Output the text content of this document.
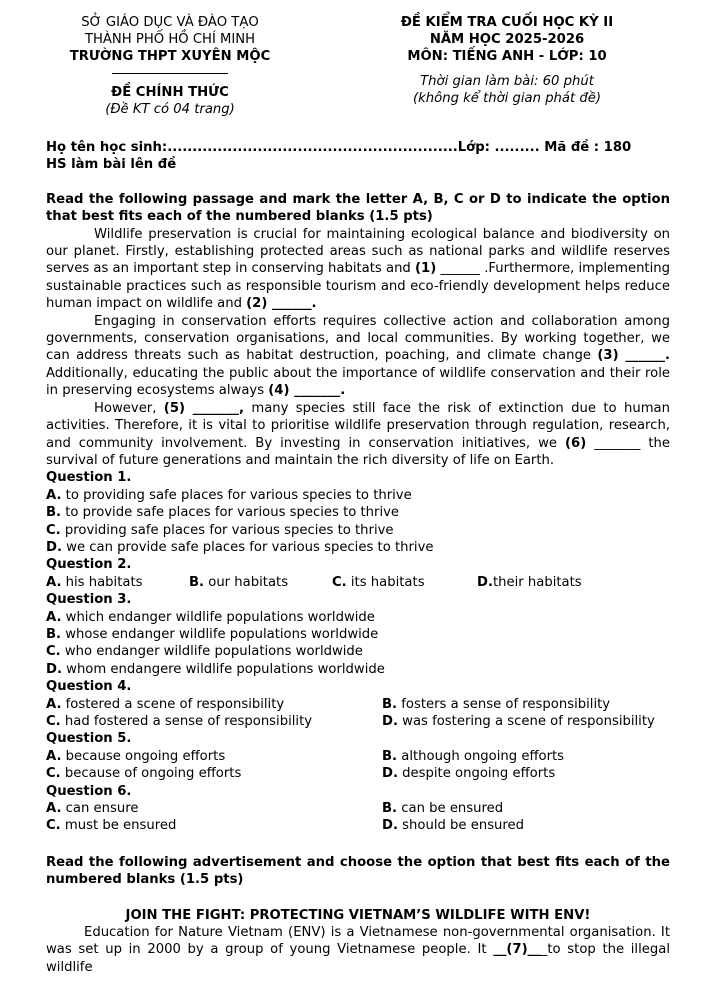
SỞ GIÁO DỤC VÀ ĐÀO TẠO
THÀNH PHỐ HỒ CHÍ MINH
TRƯỜNG THPT XUYÊN MỘC
ĐỀ CHÍNH THỨC
(Đề KT có 04 trang)
ĐỀ KIỂM TRA CUỐI HỌC KỲ II
NĂM HỌC 2025-2026
MÔN: TIẾNG ANH - LỚP: 10
Thời gian làm bài: 60 phút
(không kể thời gian phát đề)

Họ tên học sinh:..........................................................Lớp: ......... Mã đề : 180

HS làm bài lên đề

Read the following passage and mark the letter A, B, C or D to indicate the option that best fits each of the numbered blanks (1.5 pts)

Wildlife preservation is crucial for maintaining ecological balance and biodiversity on our planet. Firstly, establishing protected areas such as national parks and wildlife reserves serves as an important step in conserving habitats and (1) ______ .Furthermore, implementing sustainable practices such as responsible tourism and eco-friendly development helps reduce human impact on wildlife and (2) ______.

Engaging in conservation efforts requires collective action and collaboration among governments, conservation organisations, and local communities. By working together, we can address threats such as habitat destruction, poaching, and climate change (3) ______. Additionally, educating the public about the importance of wildlife conservation and their role in preserving ecosystems always (4) _______.

However, (5) _______, many species still face the risk of extinction due to human activities. Therefore, it is vital to prioritise wildlife preservation through regulation, research, and community involvement. By investing in conservation initiatives, we (6) _______ the survival of future generations and maintain the rich diversity of life on Earth.

Question 1.

A. to providing safe places for various species to thrive

B. to provide safe places for various species to thrive

C. providing safe places for various species to thrive

D. we can provide safe places for various species to thrive

Question 2.

A. his habitats	B. our habitats	C. its habitats	D.their habitats

Question 3.

A. which endanger wildlife populations worldwide

B. whose endanger wildlife populations worldwide

C. who endanger wildlife populations worldwide

D. whom endangere wildlife populations worldwide

Question 4.

A. fostered a scene of responsibility	B. fosters a sense of responsibility

C. had fostered a sense of responsibility	D. was fostering a scene of responsibility

Question 5.

A. because ongoing efforts	B. although ongoing efforts

C. because of ongoing efforts	D. despite ongoing efforts

Question 6.

A. can ensure	B. can be ensured

C. must be ensured	D. should be ensured

Read the following advertisement and choose the option that best fits each of the numbered blanks (1.5 pts)

JOIN THE FIGHT: PROTECTING VIETNAM’S WILDLIFE WITH ENV!

Education for Nature Vietnam (ENV) is a Vietnamese non-governmental organisation. It was set up in 2000 by a group of young Vietnamese people. It __(7)___to stop the illegal wildlife
